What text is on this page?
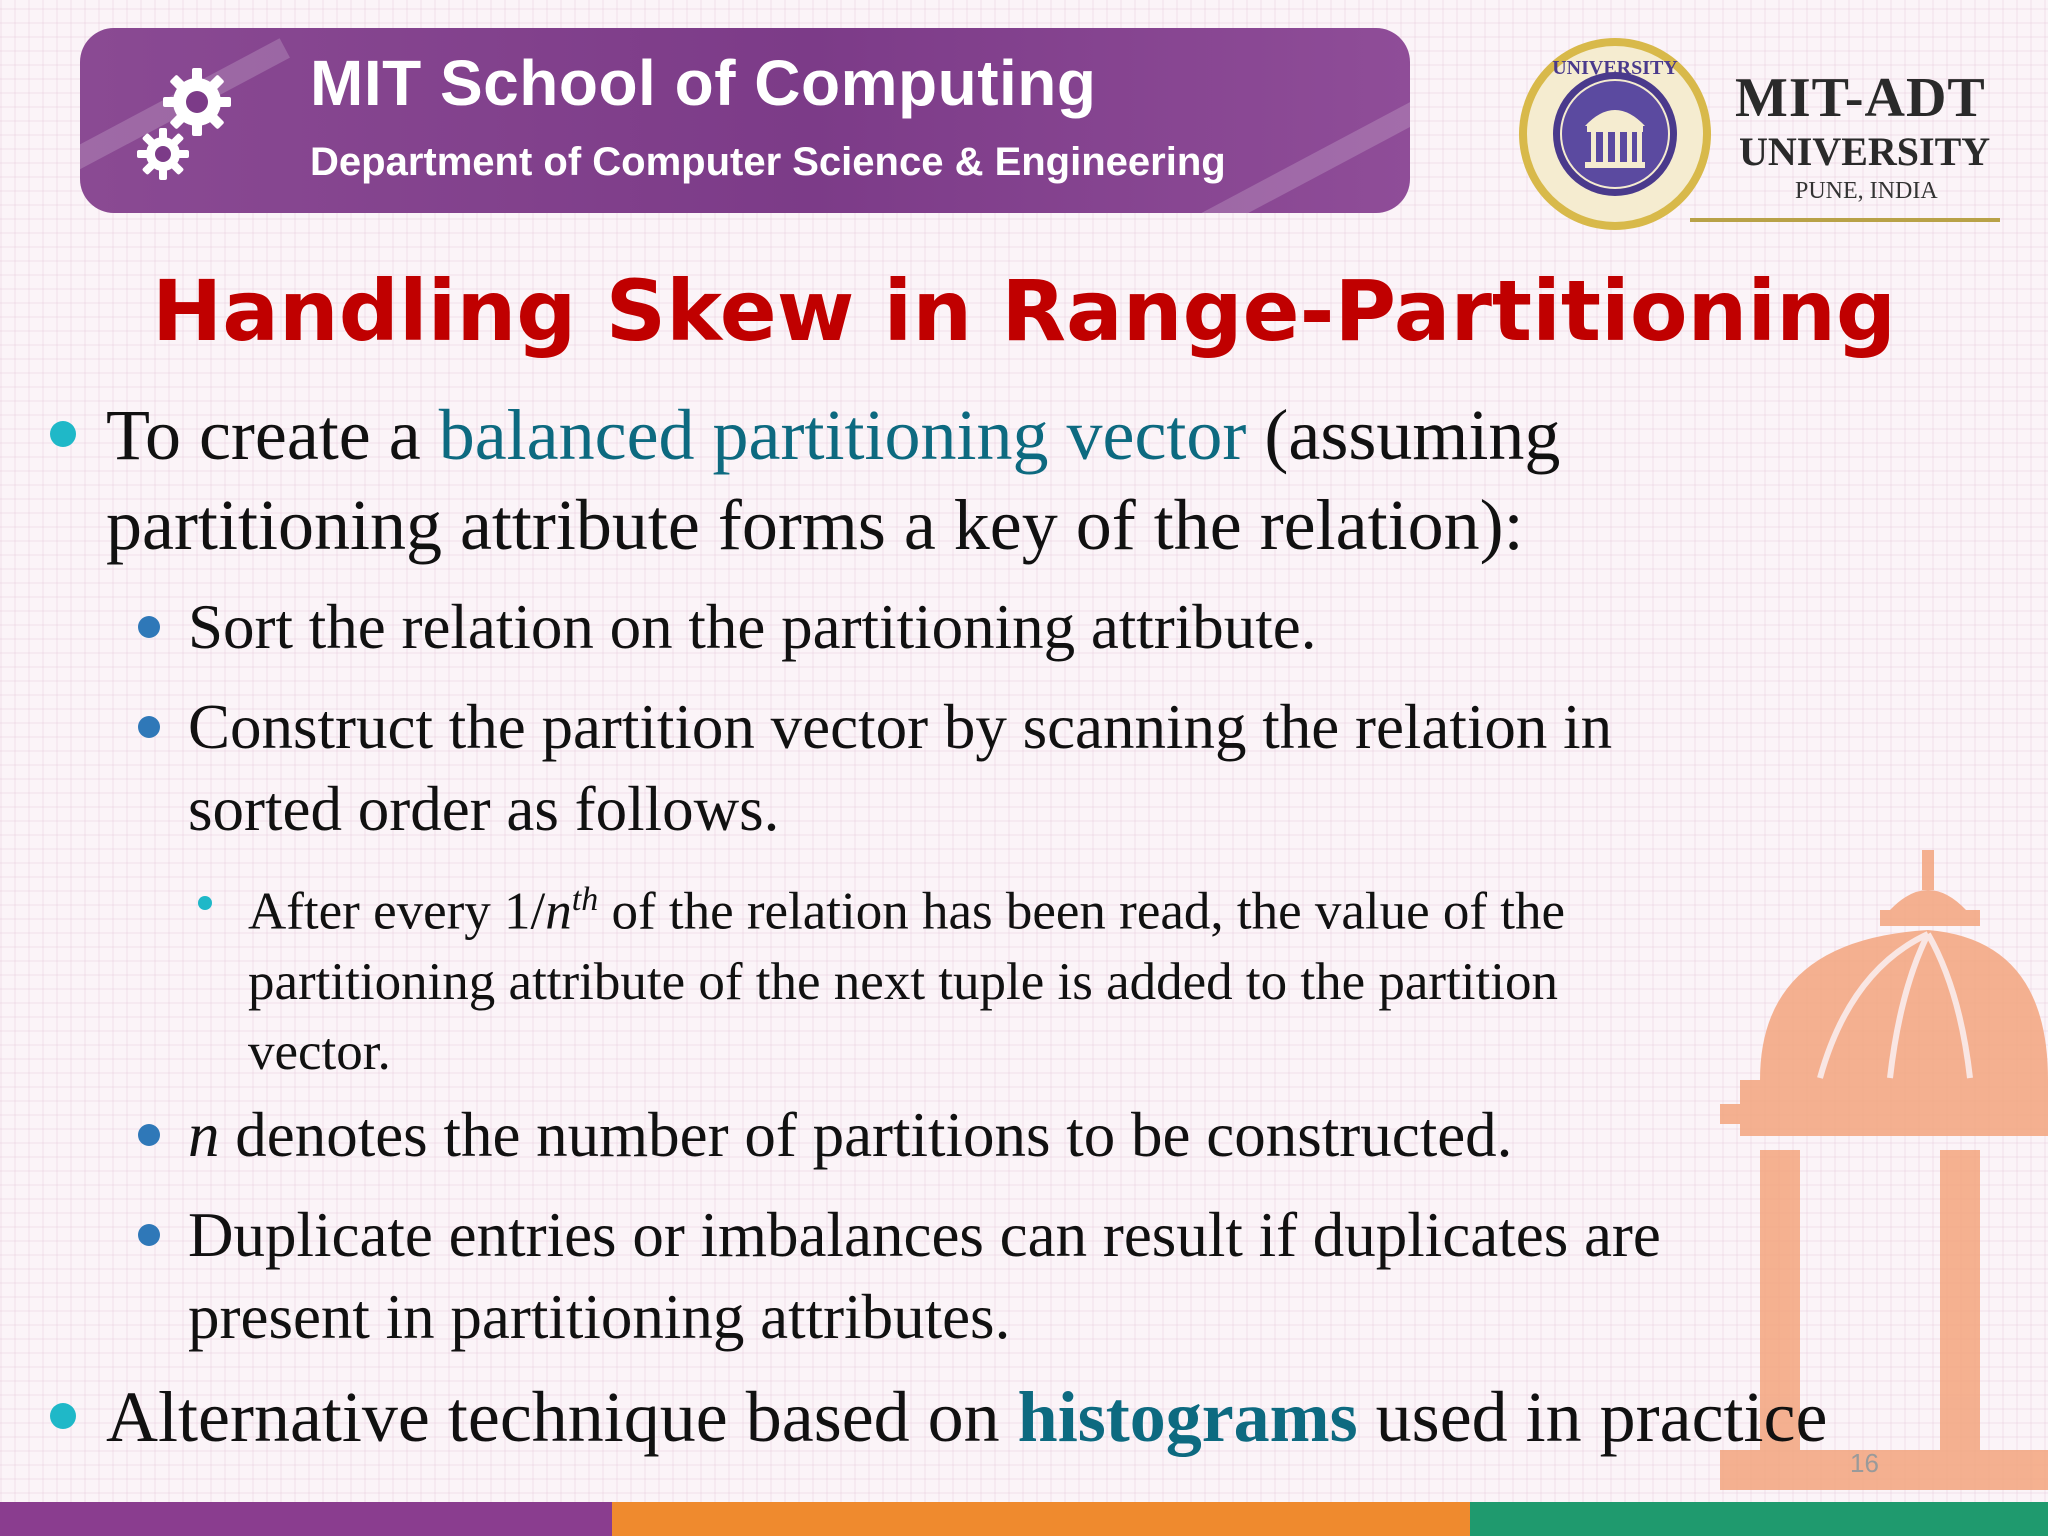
MIT School of Computing
Department of Computer Science & Engineering
UNIVERSITY MIT-ADT
UNIVERSITY
PUNE, INDIA
Handling Skew in Range-Partitioning
To create a balanced partitioning vector (assuming
partitioning attribute forms a key of the relation):
Sort the relation on the partitioning attribute.
Construct the partition vector by scanning the relation in
sorted order as follows.
After every $1/n^{th}$ of the relation has been read, the value of the
partitioning attribute of the next tuple is added to the partition
vector.
n denotes the number of partitions to be constructed.
Duplicate entries or imbalances can result if duplicates are
present in partitioning attributes.
Alternative technique based on histograms used in practice
16
